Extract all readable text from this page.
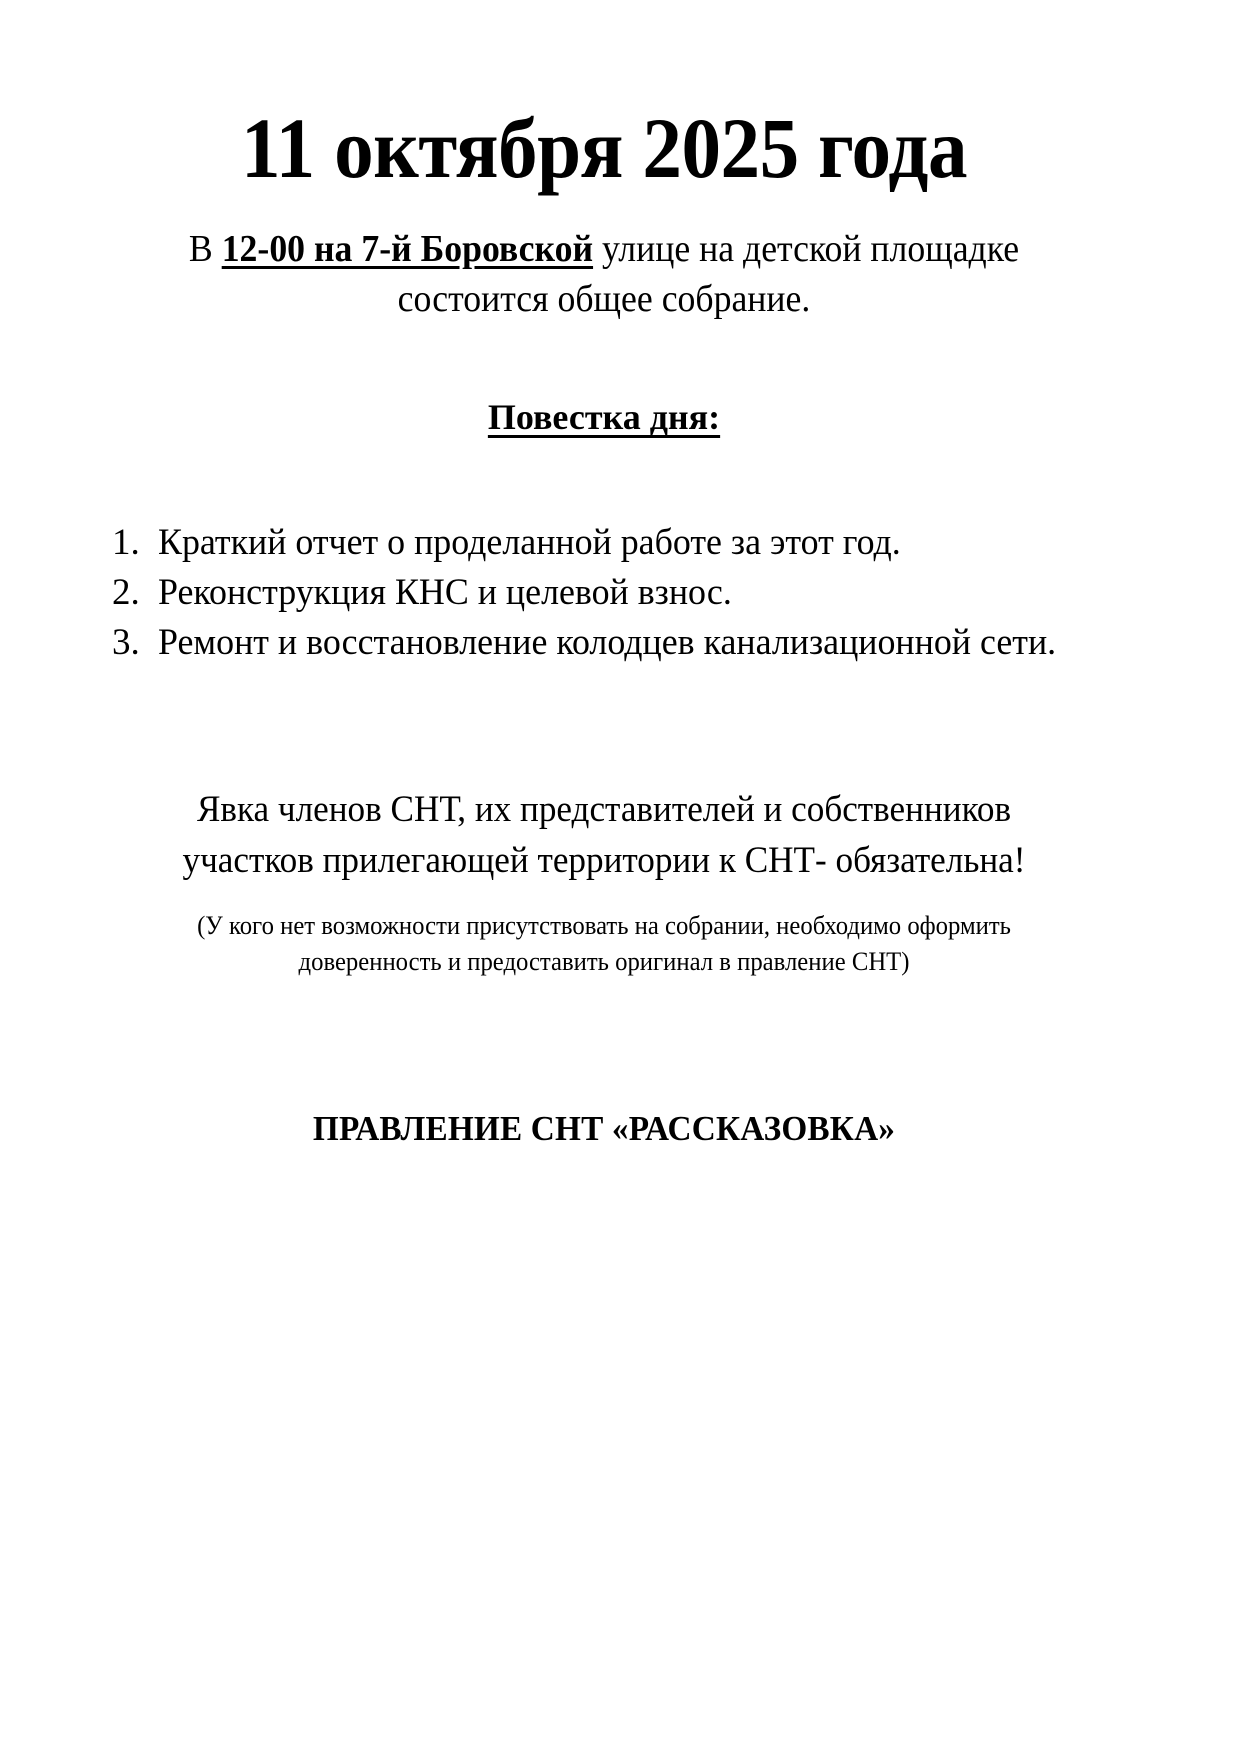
11 октября 2025 года

В 12-00 на 7-й Боровской улице на детской площадке состоится общее собрание.

Повестка дня:
1. Краткий отчет о проделанной работе за этот год.
2. Реконструкция КНС и целевой взнос.
3. Ремонт и восстановление колодцев канализационной сети.

Явка членов СНТ, их представителей и собственников участков прилегающей территории к СНТ- обязательна!

(У кого нет возможности присутствовать на собрании, необходимо оформить доверенность и предоставить оригинал в правление СНТ)

ПРАВЛЕНИЕ СНТ «РАССКАЗОВКА»
